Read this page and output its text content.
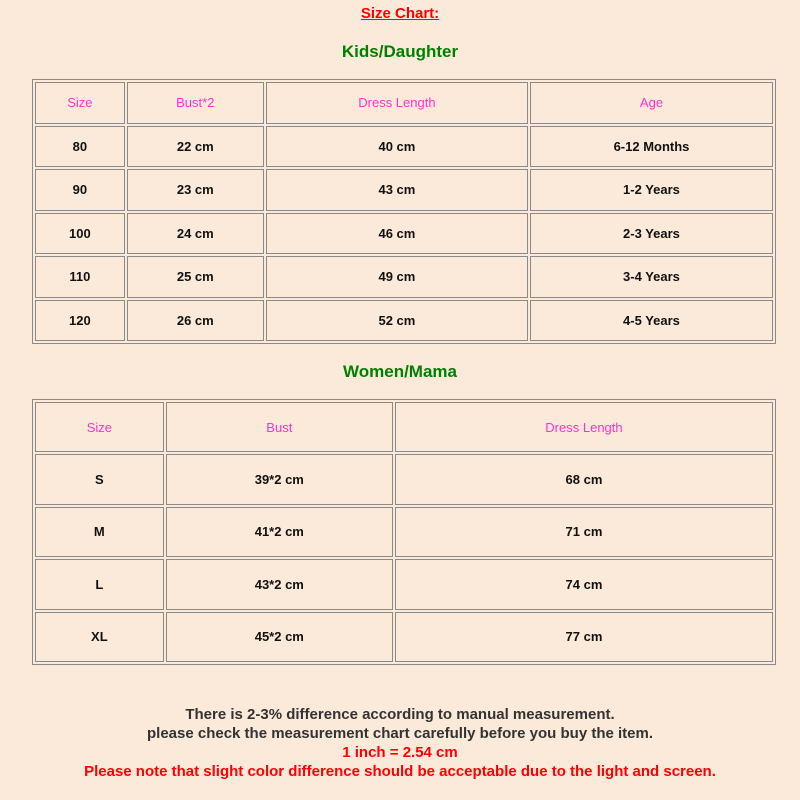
Size Chart:
Kids/Daughter
Size	Bust*2	Dress Length	Age
80	22 cm	40 cm	6-12 Months
90	23 cm	43 cm	1-2 Years
100	24 cm	46 cm	2-3 Years
110	25 cm	49 cm	3-4 Years
120	26 cm	52 cm	4-5 Years
Women/Mama
Size	Bust	Dress Length
S	39*2 cm	68 cm
M	41*2 cm	71 cm
L	43*2 cm	74 cm
XL	45*2 cm	77 cm
There is 2-3% difference according to manual measurement.
please check the measurement chart carefully before you buy the item.
1 inch = 2.54 cm
Please note that slight color difference should be acceptable due to the light and screen.
